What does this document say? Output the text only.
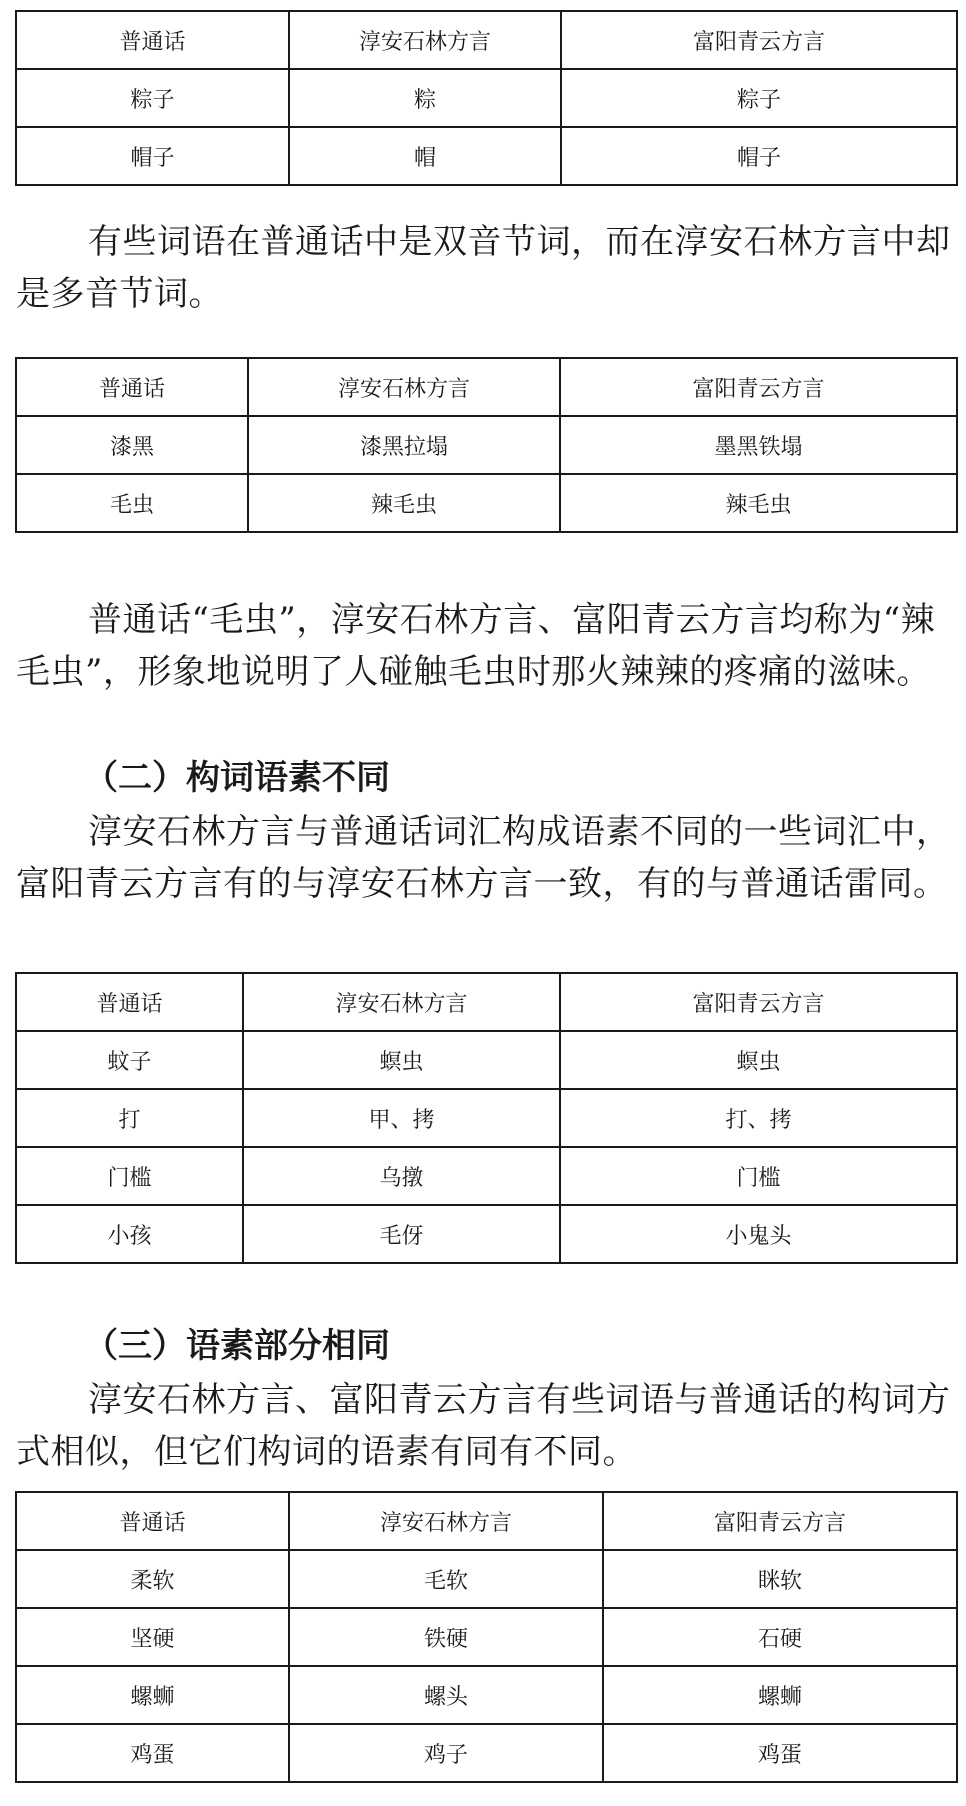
普通话	淳安石林方言	富阳青云方言
粽子	粽	粽子
帽子	帽	帽子

有些词语在普通话中是双音节词，而在淳安石林方言中却是多音节词。

普通话	淳安石林方言	富阳青云方言
漆黑	漆黑拉塌	墨黑铁塌
毛虫	辣毛虫	辣毛虫

普通话“毛虫”，淳安石林方言、富阳青云方言均称为“辣毛虫”，形象地说明了人碰触毛虫时那火辣辣的疼痛的滋味。

（二）构词语素不同

淳安石林方言与普通话词汇构成语素不同的一些词汇中，富阳青云方言有的与淳安石林方言一致，有的与普通话雷同。

普通话	淳安石林方言	富阳青云方言
蚊子	螟虫	螟虫
打	甲、拷	打、拷
门槛	乌撴	门槛
小孩	毛伢	小鬼头
（三）语素部分相同

淳安石林方言、富阳青云方言有些词语与普通话的构词方式相似，但它们构词的语素有同有不同。

普通话	淳安石林方言	富阳青云方言
柔软	毛软	眯软
坚硬	铁硬	石硬
螺蛳	螺头	螺蛳
鸡蛋	鸡子	鸡蛋
